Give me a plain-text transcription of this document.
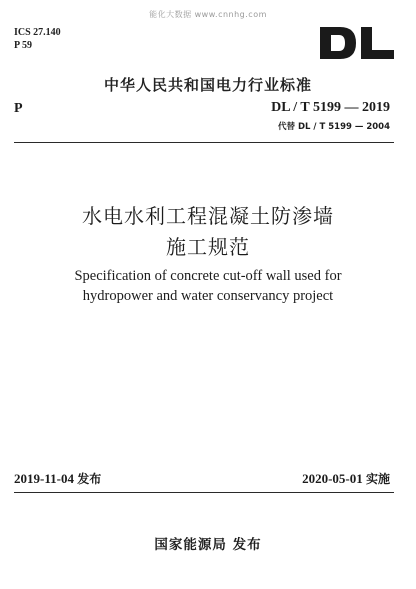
能化大数据 www.cnnhg.com
ICS 27.140
P 59
中华人民共和国电力行业标准
P	DL / T 5199 — 2019
代替 DL / T 5199 — 2004
水电水利工程混凝土防渗墙
施工规范
Specification of concrete cut-off wall used for
hydropower and water conservancy project
2019-11-04 发布	2020-05-01 实施
国家能源局 发布
